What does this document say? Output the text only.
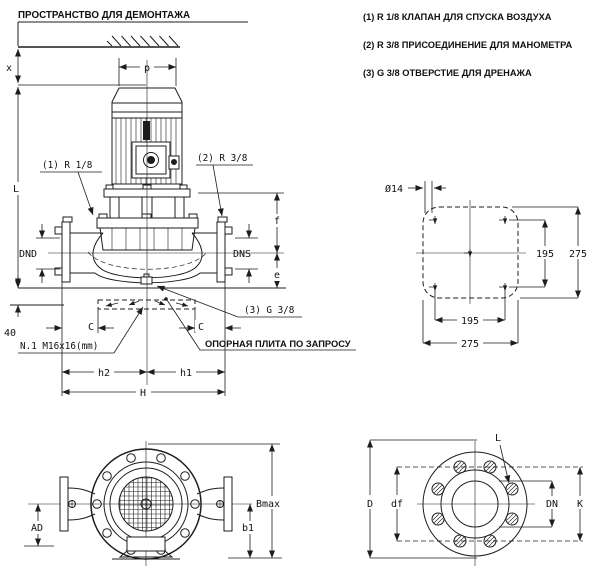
ПРОСТРАНСТВО ДЛЯ ДЕМОНТАЖА
x
L
40
p
DND	DNS
f
e
(1) R 1/8
(2) R 3/8
(3) G 3/8
N.1 M16x16(mm)	ОПОРНАЯ ПЛИТА ПО ЗАПРОСУ
C	C
h2	h1
H
(1) R 1/8 КЛАПАН ДЛЯ СПУСКА ВОЗДУХА
(2) R 3/8 ПРИСОЕДИНЕНИЕ ДЛЯ МАНОМЕТРА
(3) G 3/8 ОТВЕРСТИЕ ДЛЯ ДРЕНАЖА
Ø14
195 275
195
275
AD	b1
Bmax	D df	DN K
L
